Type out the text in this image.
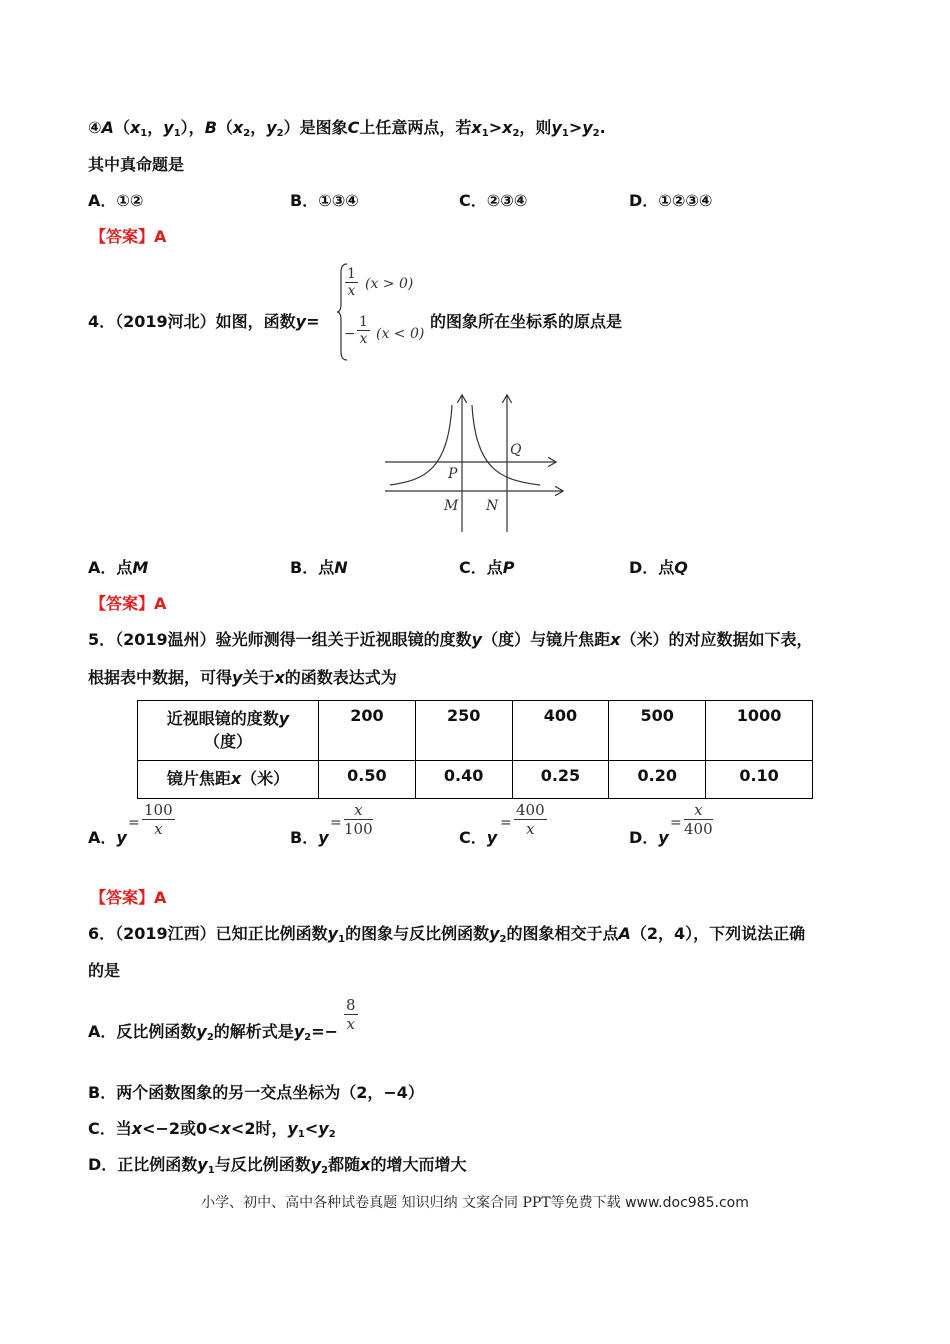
$④A(x_1$，$y_1$），$B(x_2$，$y_2$）是图象C上任意两点，若$x_1>x_2$，则$y_1>y_2$.
其中真命题是
A．①②	B．①③④	C．②③④	D．①②③④
【答案】A
4．（2019河北）如图，函数y=
$\frac{1}{x} (x > 0)$
− $\frac{1}{x} (x < 0)$
的图象所在坐标系的原点是
Q
P
M N
A．点M	B．点N	C．点P	D．点Q
【答案】A
5．（2019温州）验光师测得一组关于近视眼镜的度数y（度）与镜片焦距x（米）的对应数据如下表，
根据表中数据，可得y关于x的函数表达式为
近视眼镜的度数y
（度）	200	250	400	500	1000
镜片焦距x（米）	0.50	0.40	0.25	0.20	0.10
A．y
= $\frac{100}{x}$	B．y
= $\frac{x}{100}$	C．y
= $\frac{400}{x}$	D．y
= $\frac{x}{400}$
【答案】A
6．（2019江西）已知正比例函数$y_1$的图象与反比例函数$y_2$的图象相交于点A（2，4），下列说法正确
的是
A．反比例函数$y_2$的解析式是$y_2=- \frac{8}{x}$
B．两个函数图象的另一交点坐标为（2，−4）
C．当x<−2或0<x<2时，$y_1<y_2$
D．正比例函数$y_1$与反比例函数$y_2$都随x的增大而增大
小学、初中、高中各种试卷真题 知识归纳 文案合同 PPT等免费下载 www.doc985.com
